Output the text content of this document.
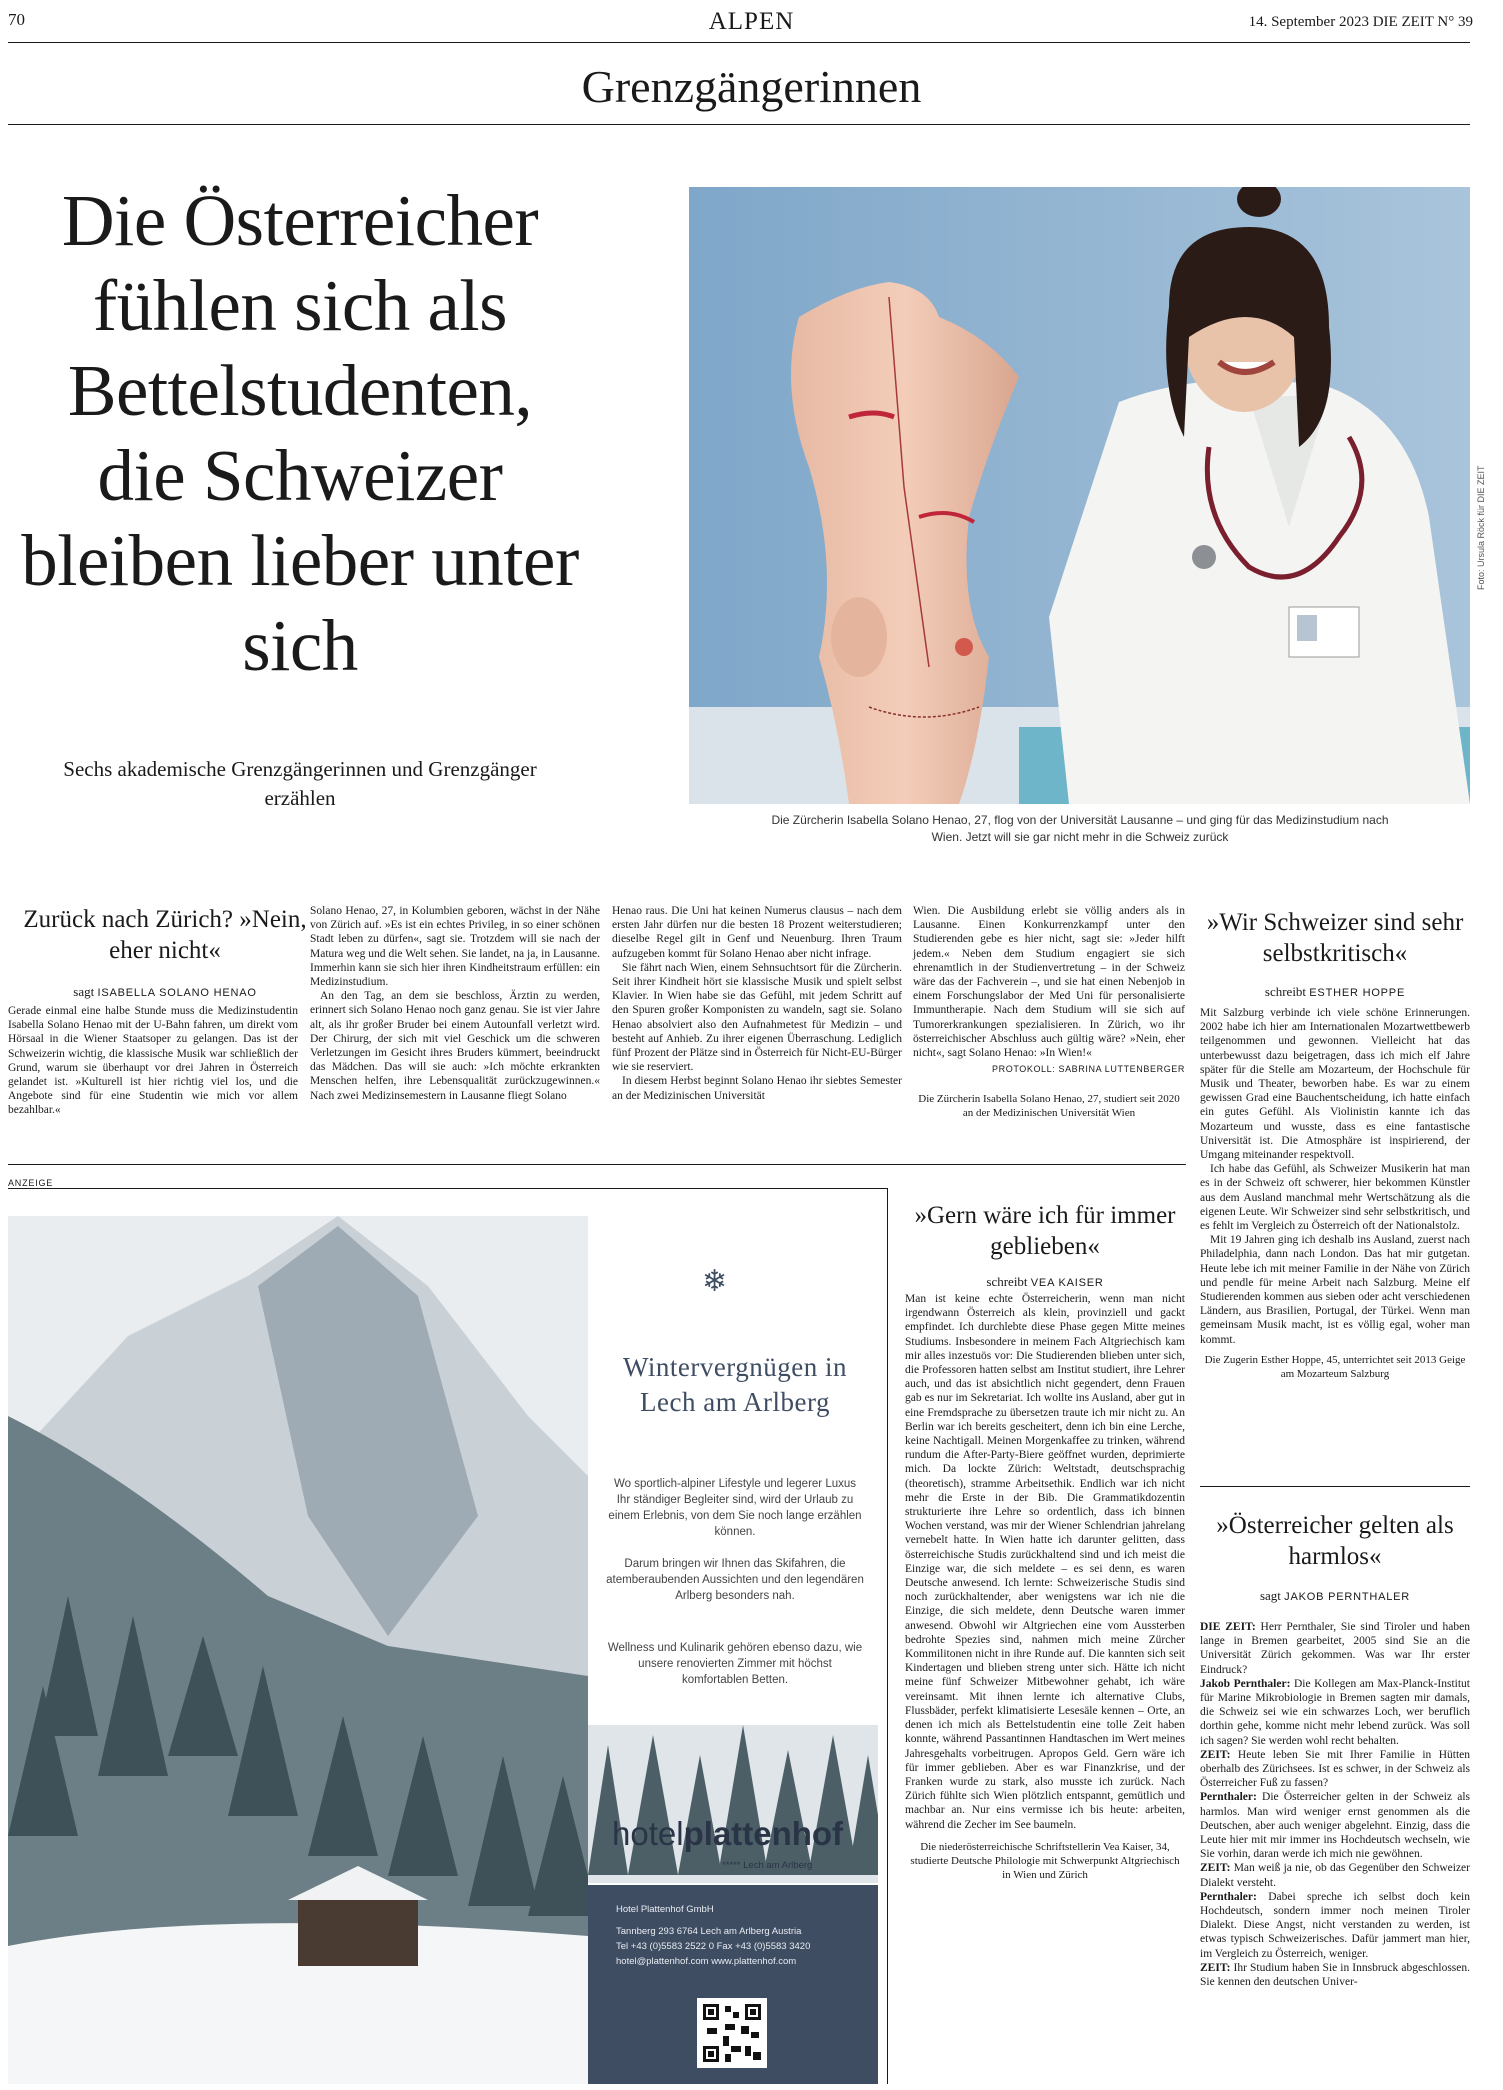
70	ALPEN	14. September 2023 DIE ZEIT N° 39
Grenzgängerinnen
Die Österreicher fühlen sich als Bettelstudenten, die Schweizer bleiben lieber unter sich
Sechs akademische Grenzgängerinnen und Grenzgänger erzählen
Foto: Ursula Röck für DIE ZEIT
Die Zürcherin Isabella Solano Henao, 27, flog von der Universität Lausanne – und ging für das Medizinstudium nach Wien. Jetzt will sie gar nicht mehr in die Schweiz zurück
Zurück nach Zürich? »Nein, eher nicht«
sagt ISABELLA SOLANO HENAO

Gerade einmal eine halbe Stunde muss die Medizinstudentin Isabella Solano Henao mit der U-Bahn fahren, um direkt vom Hörsaal in die Wiener Staatsoper zu gelangen. Das ist der Schweizerin wichtig, die klassische Musik war schließlich der Grund, warum sie überhaupt vor drei Jahren in Österreich gelandet ist. »Kulturell ist hier richtig viel los, und die Angebote sind für eine Studentin wie mich vor allem bezahlbar.«

Solano Henao, 27, in Kolumbien geboren, wächst in der Nähe von Zürich auf. »Es ist ein echtes Privileg, in so einer schönen Stadt leben zu dürfen«, sagt sie. Trotzdem will sie nach der Matura weg und die Welt sehen. Sie landet, na ja, in Lausanne. Immerhin kann sie sich hier ihren Kindheitstraum erfüllen: ein Medizinstudium.

An den Tag, an dem sie beschloss, Ärztin zu werden, erinnert sich Solano Henao noch ganz genau. Sie ist vier Jahre alt, als ihr großer Bruder bei einem Autounfall verletzt wird. Der Chirurg, der sich mit viel Geschick um die schweren Verletzungen im Gesicht ihres Bruders kümmert, beeindruckt das Mädchen. Das will sie auch: »Ich möchte erkrankten Menschen helfen, ihre Lebensqualität zurückzugewinnen.« Nach zwei Medizinsemestern in Lausanne fliegt Solano

Henao raus. Die Uni hat keinen Numerus clausus – nach dem ersten Jahr dürfen nur die besten 18 Prozent weiterstudieren; dieselbe Regel gilt in Genf und Neuenburg. Ihren Traum aufzugeben kommt für Solano Henao aber nicht infrage.

Sie fährt nach Wien, einem Sehnsuchtsort für die Zürcherin. Seit ihrer Kindheit hört sie klassische Musik und spielt selbst Klavier. In Wien habe sie das Gefühl, mit jedem Schritt auf den Spuren großer Komponisten zu wandeln, sagt sie. Solano Henao absolviert also den Aufnahmetest für Medizin – und besteht auf Anhieb. Zu ihrer eigenen Überraschung. Lediglich fünf Prozent der Plätze sind in Österreich für Nicht-EU-Bürger wie sie reserviert.

In diesem Herbst beginnt Solano Henao ihr siebtes Semester an der Medizinischen Universität

Wien. Die Ausbildung erlebt sie völlig anders als in Lausanne. Einen Konkurrenzkampf unter den Studierenden gebe es hier nicht, sagt sie: »Jeder hilft jedem.« Neben dem Studium engagiert sie sich ehrenamtlich in der Studienvertretung – in der Schweiz wäre das der Fachverein –, und sie hat einen Nebenjob in einem Forschungslabor der Med Uni für personalisierte Immuntherapie. Nach dem Studium will sie sich auf Tumorerkrankungen spezialisieren. In Zürich, wo ihr österreichischer Abschluss auch gültig wäre? »Nein, eher nicht«, sagt Solano Henao: »In Wien!«

PROTOKOLL: SABRINA LUTTENBERGER
Die Zürcherin Isabella Solano Henao, 27, studiert seit 2020 an der Medizinischen Universität Wien
»Wir Schweizer sind sehr selbstkritisch«
schreibt ESTHER HOPPE

Mit Salzburg verbinde ich viele schöne Erinnerungen. 2002 habe ich hier am Internationalen Mozartwettbewerb teilgenommen und gewonnen. Vielleicht hat das unterbewusst dazu beigetragen, dass ich mich elf Jahre später für die Stelle am Mozarteum, der Hochschule für Musik und Theater, beworben habe. Es war zu einem gewissen Grad eine Bauchentscheidung, ich hatte einfach ein gutes Gefühl. Als Violinistin kannte ich das Mozarteum und wusste, dass es eine fantastische Universität ist. Die Atmosphäre ist inspirierend, der Umgang miteinander respektvoll.

Ich habe das Gefühl, als Schweizer Musikerin hat man es in der Schweiz oft schwerer, hier bekommen Künstler aus dem Ausland manchmal mehr Wertschätzung als die eigenen Leute. Wir Schweizer sind sehr selbstkritisch, und es fehlt im Vergleich zu Österreich oft der Nationalstolz.

Mit 19 Jahren ging ich deshalb ins Ausland, zuerst nach Philadelphia, dann nach London. Das hat mir gutgetan. Heute lebe ich mit meiner Familie in der Nähe von Zürich und pendle für meine Arbeit nach Salzburg. Meine elf Studierenden kommen aus sieben oder acht verschiedenen Ländern, aus Brasilien, Portugal, der Türkei. Wenn man gemeinsam Musik macht, ist es völlig egal, woher man kommt.

Die Zugerin Esther Hoppe, 45, unterrichtet seit 2013 Geige am Mozarteum Salzburg
»Gern wäre ich für immer geblieben«
schreibt VEA KAISER

Man ist keine echte Österreicherin, wenn man nicht irgendwann Österreich als klein, provinziell und gackt empfindet. Ich durchlebte diese Phase gegen Mitte meines Studiums. Insbesondere in meinem Fach Altgriechisch kam mir alles inzestuös vor: Die Studierenden blieben unter sich, die Professoren hatten selbst am Institut studiert, ihre Lehrer auch, und das ist absichtlich nicht gegendert, denn Frauen gab es nur im Sekretariat. Ich wollte ins Ausland, aber gut in eine Fremdsprache zu übersetzen traute ich mir nicht zu. An Berlin war ich bereits gescheitert, denn ich bin eine Lerche, keine Nachtigall. Meinen Morgenkaffee zu trinken, während rundum die After-Party-Biere geöffnet wurden, deprimierte mich. Da lockte Zürich: Weltstadt, deutschsprachig (theoretisch), stramme Arbeitsethik. Endlich war ich nicht mehr die Erste in der Bib. Die Grammatikdozentin strukturierte ihre Lehre so ordentlich, dass ich binnen Wochen verstand, was mir der Wiener Schlendrian jahrelang vernebelt hatte. In Wien hatte ich darunter gelitten, dass österreichische Studis zurückhaltend sind und ich meist die Einzige war, die sich meldete – es sei denn, es waren Deutsche anwesend. Ich lernte: Schweizerische Studis sind noch zurückhaltender, aber wenigstens war ich nie die Einzige, die sich meldete, denn Deutsche waren immer anwesend. Obwohl wir Altgriechen eine vom Aussterben bedrohte Spezies sind, nahmen mich meine Zürcher Kommilitonen nicht in ihre Runde auf. Die kannten sich seit Kindertagen und blieben streng unter sich. Hätte ich nicht meine fünf Schweizer Mitbewohner gehabt, ich wäre vereinsamt. Mit ihnen lernte ich alternative Clubs, Flussbäder, perfekt klimatisierte Lesesäle kennen – Orte, an denen ich mich als Bettelstudentin eine tolle Zeit haben konnte, während Passantinnen Handtaschen im Wert meines Jahresgehalts vorbeitrugen. Apropos Geld. Gern wäre ich für immer geblieben. Aber es war Finanzkrise, und der Franken wurde zu stark, also musste ich zurück. Nach Zürich fühlte sich Wien plötzlich entspannt, gemütlich und machbar an. Nur eins vermisse ich bis heute: arbeiten, während die Zecher im See baumeln.

Die niederösterreichische Schriftstellerin Vea Kaiser, 34, studierte Deutsche Philologie mit Schwerpunkt Altgriechisch in Wien und Zürich
»Österreicher gelten als harmlos«
sagt JAKOB PERNTHALER

DIE ZEIT: Herr Pernthaler, Sie sind Tiroler und haben lange in Bremen gearbeitet, 2005 sind Sie an die Universität Zürich gekommen. Was war Ihr erster Eindruck?

Jakob Pernthaler: Die Kollegen am Max-Planck-Institut für Marine Mikrobiologie in Bremen sagten mir damals, die Schweiz sei wie ein schwarzes Loch, wer beruflich dorthin gehe, komme nicht mehr lebend zurück. Was soll ich sagen? Sie werden wohl recht behalten.

ZEIT: Heute leben Sie mit Ihrer Familie in Hütten oberhalb des Zürichsees. Ist es schwer, in der Schweiz als Österreicher Fuß zu fassen?

Pernthaler: Die Österreicher gelten in der Schweiz als harmlos. Man wird weniger ernst genommen als die Deutschen, aber auch weniger abgelehnt. Einzig, dass die Leute hier mit mir immer ins Hochdeutsch wechseln, wie Sie vorhin, daran werde ich mich nie gewöhnen.

ZEIT: Man weiß ja nie, ob das Gegenüber den Schweizer Dialekt versteht.

Pernthaler: Dabei spreche ich selbst doch kein Hochdeutsch, sondern immer noch meinen Tiroler Dialekt. Diese Angst, nicht verstanden zu werden, ist etwas typisch Schweizerisches. Dafür jammert man hier, im Vergleich zu Österreich, weniger.

ZEIT: Ihr Studium haben Sie in Innsbruck abgeschlossen. Sie kennen den deutschen Univer-

ANZEIGE
❄
Wintervergnügen in Lech am Arlberg
Wo sportlich-alpiner Lifestyle und legerer Luxus Ihr ständiger Begleiter sind, wird der Urlaub zu einem Erlebnis, von dem Sie noch lange erzählen können.
Darum bringen wir Ihnen das Skifahren, die atemberaubenden Aussichten und den legendären Arlberg besonders nah.
Wellness und Kulinarik gehören ebenso dazu, wie unsere renovierten Zimmer mit höchst komfortablen Betten.
hotelplattenhof
***** Lech am Arlberg
Hotel Plattenhof GmbH
Tannberg 293 6764 Lech am Arlberg Austria
Tel +43 (0)5583 2522 0 Fax +43 (0)5583 3420
hotel@plattenhof.com www.plattenhof.com
